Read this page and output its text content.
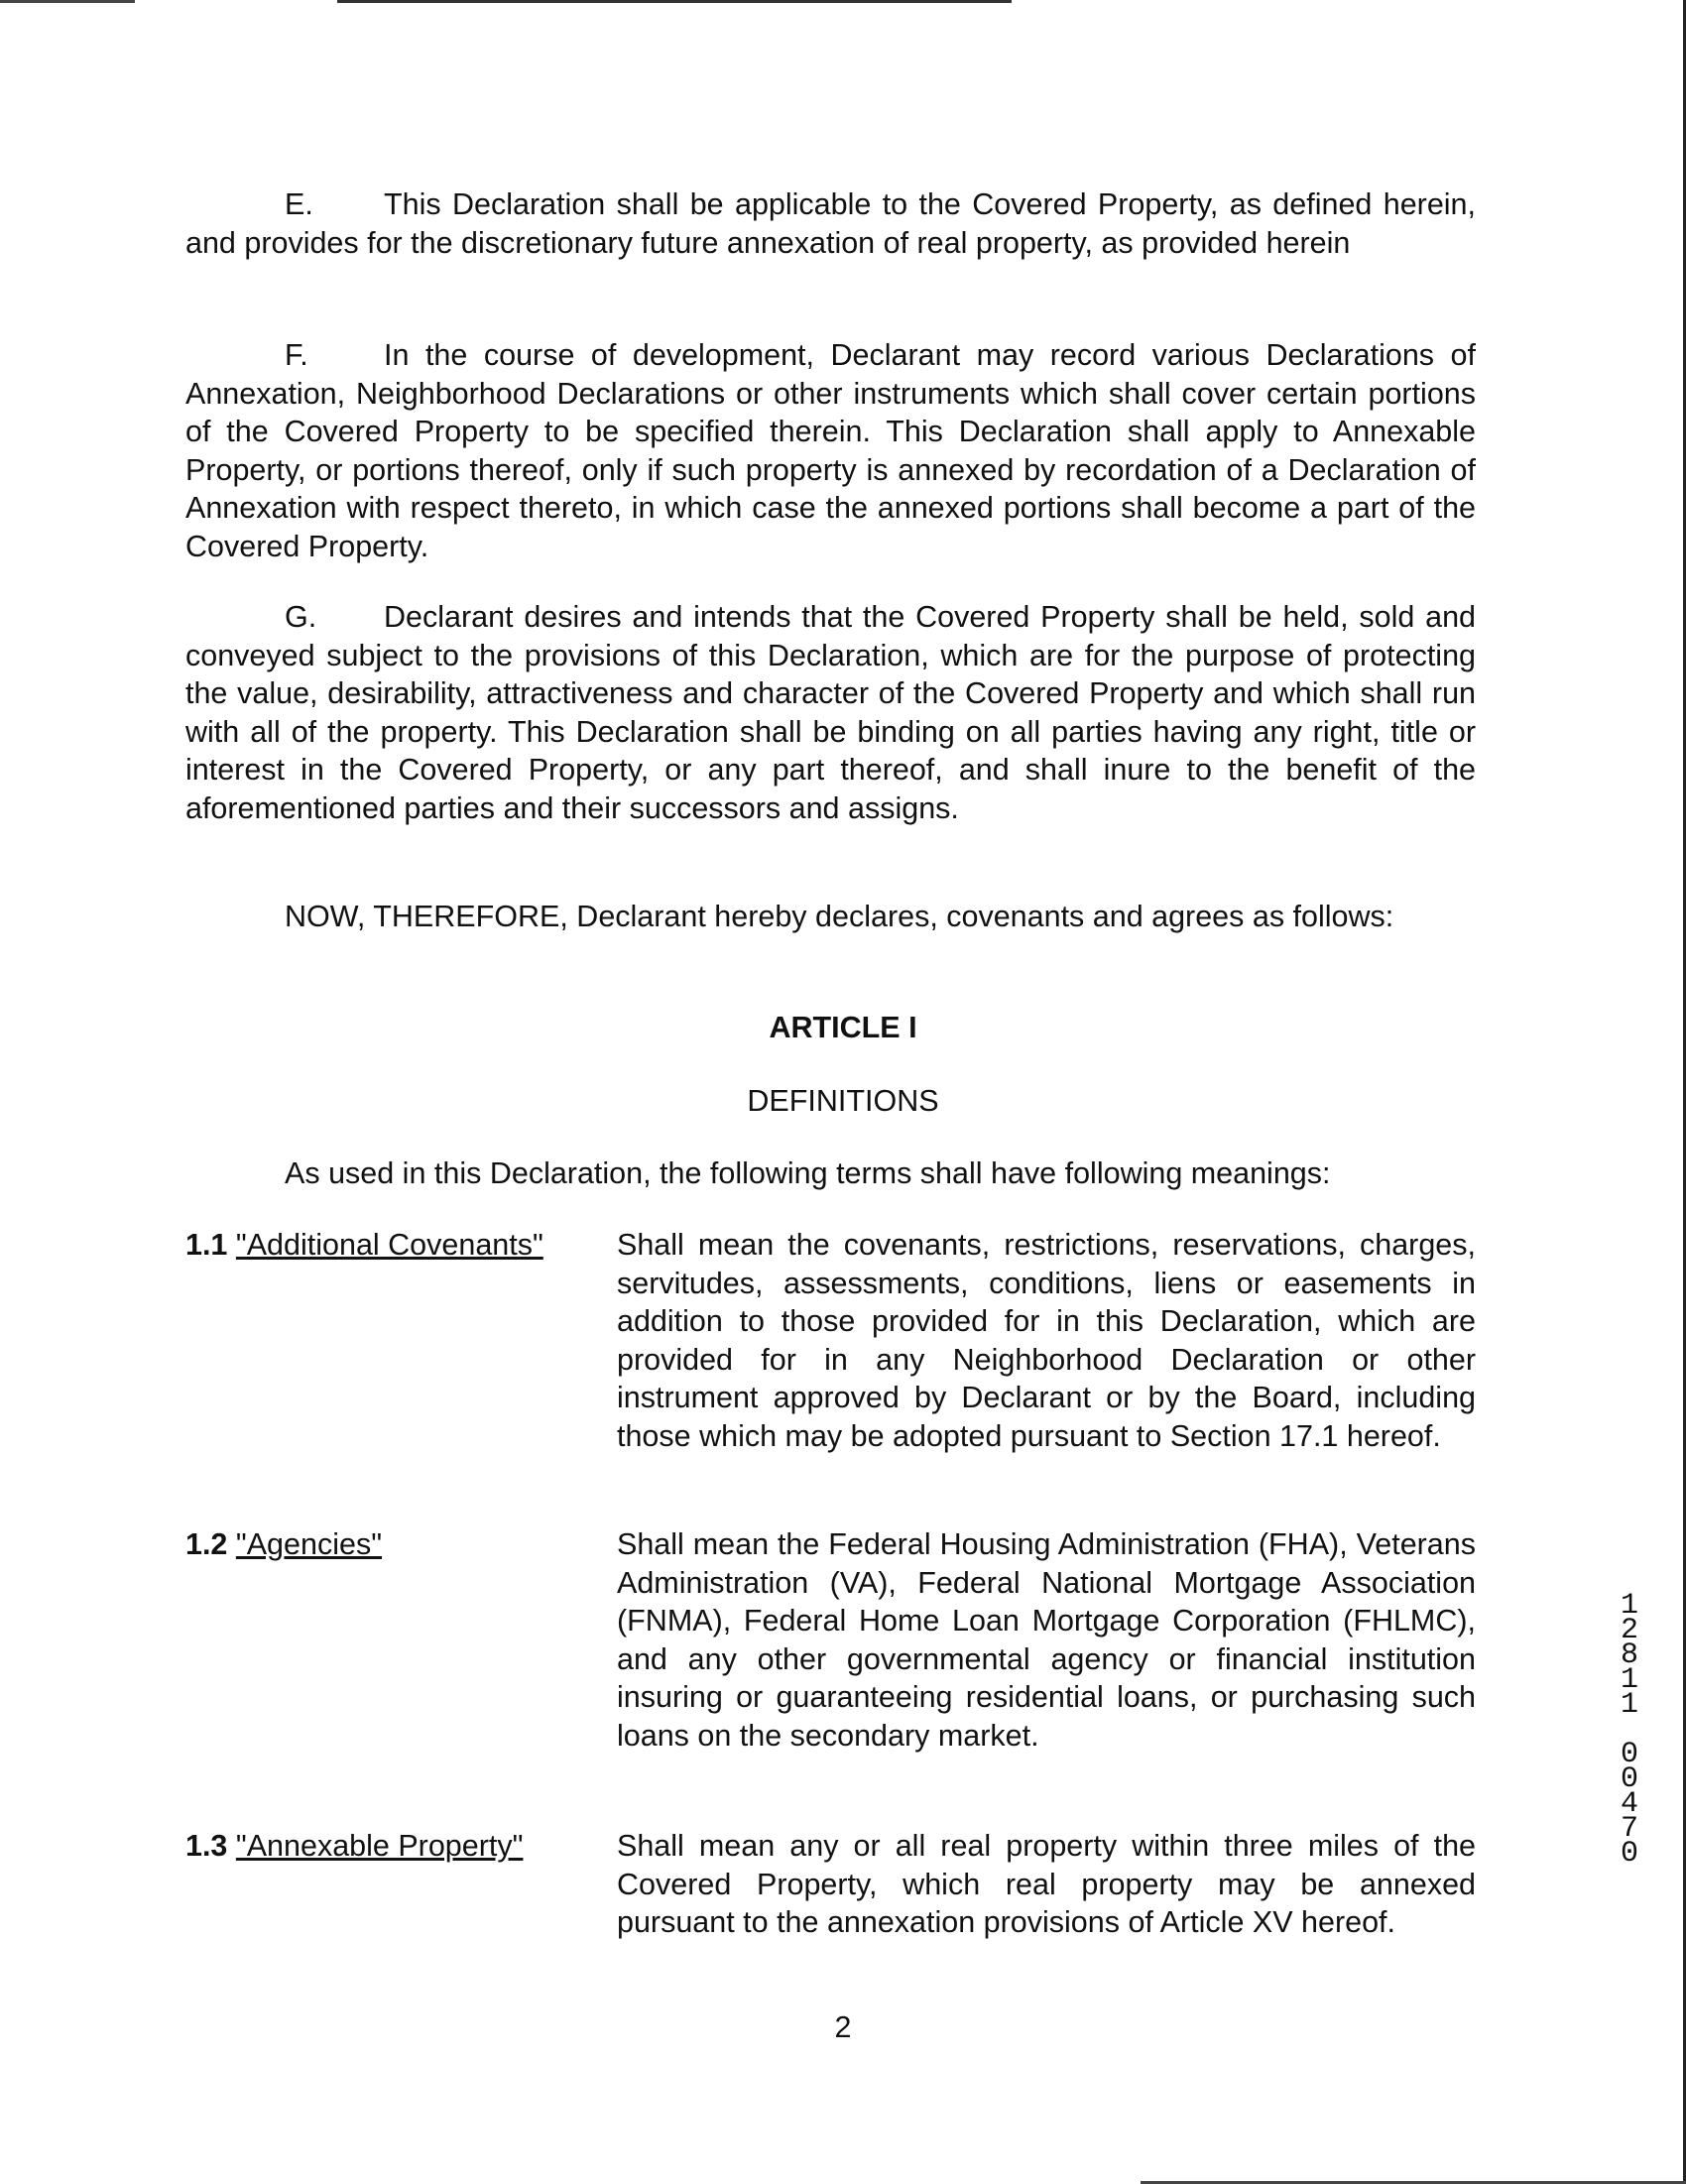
E. This Declaration shall be applicable to the Covered Property, as defined herein, and provides for the discretionary future annexation of real property, as provided herein
F.	In the course of development, Declarant may record various Declarations of Annexation, Neighborhood Declarations or other instruments which shall cover certain portions of the Covered Property to be specified therein. This Declaration shall apply to Annexable Property, or portions thereof, only if such property is annexed by recordation of a Declaration of Annexation with respect thereto, in which case the annexed portions shall become a part of the Covered Property.
G. Declarant desires and intends that the Covered Property shall be held, sold and conveyed subject to the provisions of this Declaration, which are for the purpose of protecting the value, desirability, attractiveness and character of the Covered Property and which shall run with all of the property. This Declaration shall be binding on all parties having any right, title or interest in the Covered Property, or any part thereof, and shall inure to the benefit of the aforementioned parties and their successors and assigns.
NOW, THEREFORE, Declarant hereby declares, covenants and agrees as follows:
ARTICLE I
DEFINITIONS
As used in this Declaration, the following terms shall have following meanings:
1.1 "Additional Covenants" Shall mean the covenants, restrictions, reservations, charges, servitudes, assessments, conditions, liens or easements in addition to those provided for in this Declaration, which are provided for in any Neighborhood Declaration or other instrument approved by Declarant or by the Board, including those which may be adopted pursuant to Section 17.1 hereof.
1.2 "Agencies"	Shall mean the Federal Housing Administration (FHA), Veterans Administration (VA), Federal National Mortgage Association (FNMA), Federal Home Loan Mortgage Corporation (FHLMC), and any other governmental agency or financial institution insuring or guaranteeing residential loans, or purchasing such loans on the secondary market.
1.3 "Annexable Property"	Shall mean any or all real property within three miles of the Covered Property, which real property may be annexed pursuant to the annexation provisions of Article XV hereof.
2
1
2
8
1
1
0
0
4
7
0
